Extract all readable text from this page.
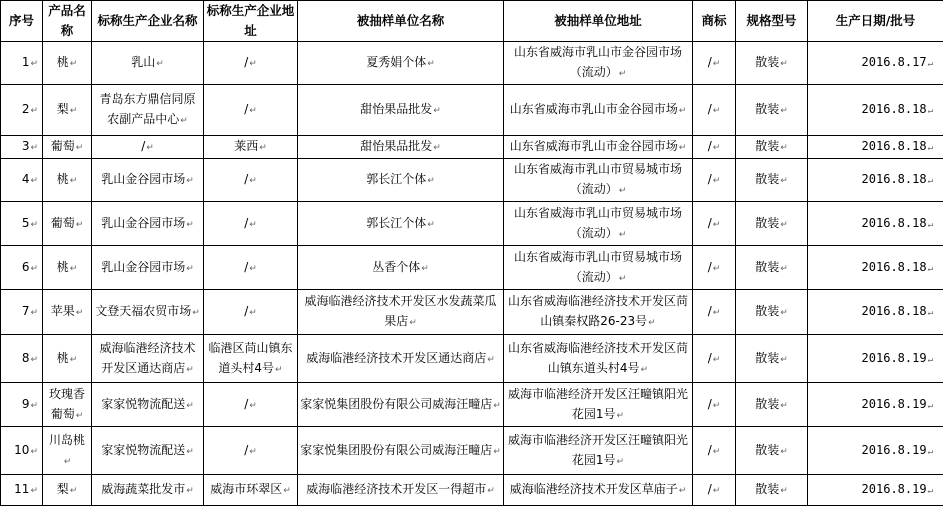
序号	产品名称	标称生产企业名称	标称生产企业地址	被抽样单位名称	被抽样单位地址	商标	规格型号	生产日期/批号
1↵	桃↵	乳山↵	/↵	夏秀娟个体↵	山东省威海市乳山市金谷园市场（流动）↵	/↵	散装↵	2016.8.17↵
2↵	梨↵	青岛东方鼎信同原农副产品中心↵	/↵	甜怡果品批发↵	山东省威海市乳山市金谷园市场↵	/↵	散装↵	2016.8.18↵
3↵	葡萄↵	/↵	莱西↵	甜怡果品批发↵	山东省威海市乳山市金谷园市场↵	/↵	散装↵	2016.8.18↵
4↵	桃↵	乳山金谷园市场↵	/↵	郭长江个体↵	山东省威海市乳山市贸易城市场（流动）↵	/↵	散装↵	2016.8.18↵
5↵	葡萄↵	乳山金谷园市场↵	/↵	郭长江个体↵	山东省威海市乳山市贸易城市场（流动）↵	/↵	散装↵	2016.8.18↵
6↵	桃↵	乳山金谷园市场↵	/↵	丛香个体↵	山东省威海市乳山市贸易城市场（流动）↵	/↵	散装↵	2016.8.18↵
7↵	苹果↵	文登天福农贸市场↵	/↵	威海临港经济技术开发区水发蔬菜瓜果店↵	山东省威海临港经济技术开发区苘山镇秦权路26-23号↵	/↵	散装↵	2016.8.18↵
8↵	桃↵	威海临港经济技术开发区通达商店↵	临港区苘山镇东道头村4号↵	威海临港经济技术开发区通达商店↵	山东省威海临港经济技术开发区苘山镇东道头村4号↵	/↵	散装↵	2016.8.19↵
9↵	玫瑰香葡萄↵	家家悦物流配送↵	/↵	家家悦集团股份有限公司威海汪疃店↵	威海市临港经济开发区汪疃镇阳光花园1号↵	/↵	散装↵	2016.8.19↵
10↵	川岛桃↵	家家悦物流配送↵	/↵	家家悦集团股份有限公司威海汪疃店↵	威海市临港经济开发区汪疃镇阳光花园1号↵	/↵	散装↵	2016.8.19↵
11↵	梨↵	威海蔬菜批发市↵	威海市环翠区↵	威海临港经济技术开发区一得超市↵	威海临港经济技术开发区草庙子↵	/↵	散装↵	2016.8.19↵
